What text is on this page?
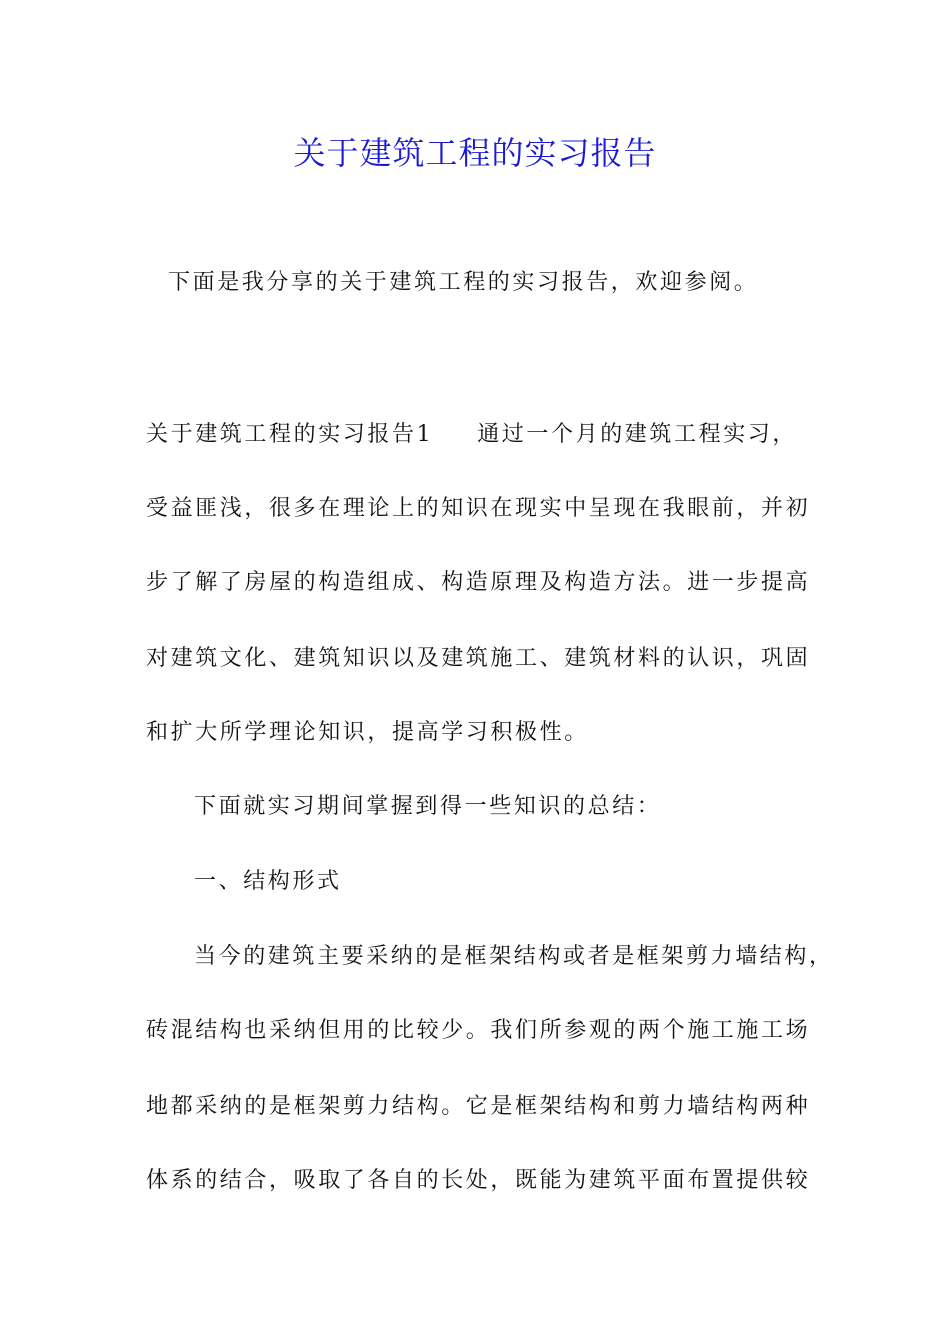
关于建筑工程的实习报告
下面是我分享的关于建筑工程的实习报告，欢迎参阅。
关于建筑工程的实习报告1 通过一个月的建筑工程实习，
受益匪浅，很多在理论上的知识在现实中呈现在我眼前，并初
步了解了房屋的构造组成、构造原理及构造方法。进一步提高
对建筑文化、建筑知识以及建筑施工、建筑材料的认识，巩固
和扩大所学理论知识，提高学习积极性。
下面就实习期间掌握到得一些知识的总结：
一、结构形式
当今的建筑主要采纳的是框架结构或者是框架剪力墙结构，
砖混结构也采纳但用的比较少。我们所参观的两个施工施工场
地都采纳的是框架剪力结构。它是框架结构和剪力墙结构两种
体系的结合，吸取了各自的长处，既能为建筑平面布置提供较
